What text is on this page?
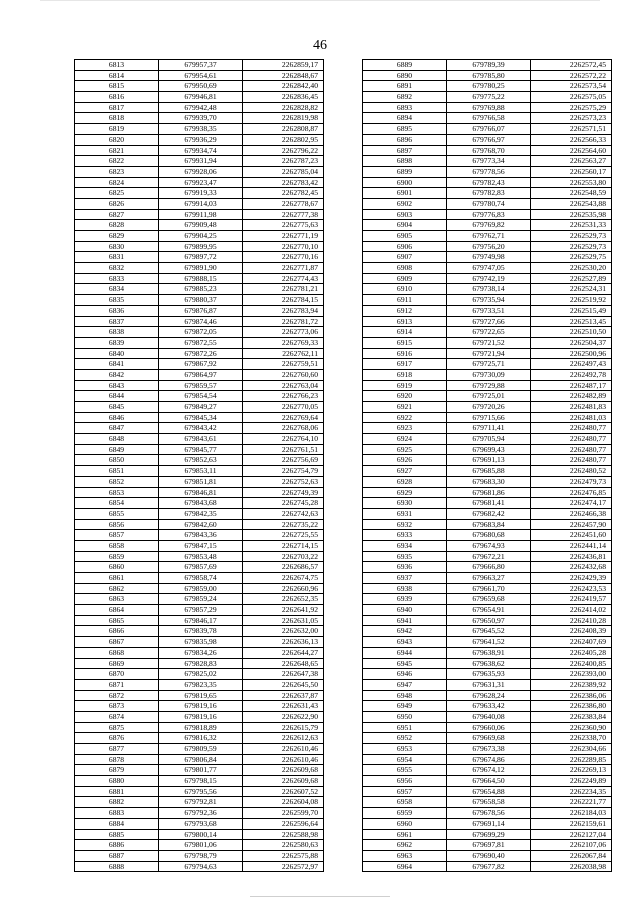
46
6813	679957,37	2262859,17
6814	679954,61	2262848,67
6815	679950,69	2262842,40
6816	679946,81	2262836,45
6817	679942,48	2262828,82
6818	679939,70	2262819,98
6819	679938,35	2262808,87
6820	679936,29	2262802,95
6821	679934,74	2262796,22
6822	679931,94	2262787,23
6823	679928,06	2262785,04
6824	679923,47	2262783,42
6825	679919,33	2262782,45
6826	679914,03	2262778,67
6827	679911,98	2262777,38
6828	679909,48	2262775,63
6829	679904,25	2262771,19
6830	679899,95	2262770,10
6831	679897,72	2262770,16
6832	679891,90	2262771,87
6833	679888,15	2262774,43
6834	679885,23	2262781,21
6835	679880,37	2262784,15
6836	679876,87	2262783,94
6837	679874,46	2262781,72
6838	679872,05	2262773,06
6839	679872,55	2262769,33
6840	679872,26	2262762,11
6841	679867,92	2262759,51
6842	679864,97	2262760,60
6843	679859,57	2262763,04
6844	679854,54	2262766,23
6845	679849,27	2262770,05
6846	679845,34	2262769,64
6847	679843,42	2262768,06
6848	679843,61	2262764,10
6849	679845,77	2262761,51
6850	679852,63	2262756,69
6851	679853,11	2262754,79
6852	679851,81	2262752,63
6853	679846,81	2262749,39
6854	679843,68	2262745,28
6855	679842,35	2262742,63
6856	679842,60	2262735,22
6857	679843,36	2262725,55
6858	679847,15	2262714,15
6859	679853,48	2262703,22
6860	679857,69	2262686,57
6861	679858,74	2262674,75
6862	679859,00	2262660,96
6863	679859,24	2262652,35
6864	679857,29	2262641,92
6865	679846,17	2262631,05
6866	679839,78	2262632,00
6867	679835,98	2262636,13
6868	679834,26	2262644,27
6869	679828,83	2262648,65
6870	679825,02	2262647,38
6871	679823,35	2262645,50
6872	679819,65	2262637,87
6873	679819,16	2262631,43
6874	679819,16	2262622,90
6875	679818,89	2262615,79
6876	679816,32	2262612,63
6877	679809,59	2262610,46
6878	679806,84	2262610,46
6879	679801,77	2262609,68
6880	679798,15	2262609,68
6881	679795,56	2262607,52
6882	679792,81	2262604,08
6883	679792,36	2262599,70
6884	679793,68	2262596,64
6885	679800,14	2262588,98
6886	679801,06	2262580,63
6887	679798,79	2262575,88
6888	679794,63	2262572,97
6889	679789,39	2262572,45
6890	679785,80	2262572,22
6891	679780,25	2262573,54
6892	679775,22	2262575,05
6893	679769,88	2262575,29
6894	679766,58	2262573,23
6895	679766,07	2262571,51
6896	679766,97	2262566,33
6897	679768,70	2262564,60
6898	679773,34	2262563,27
6899	679778,56	2262560,17
6900	679782,43	2262553,80
6901	679782,83	2262548,59
6902	679780,74	2262543,88
6903	679776,83	2262535,98
6904	679769,82	2262531,33
6905	679762,71	2262529,73
6906	679756,20	2262529,73
6907	679749,98	2262529,75
6908	679747,05	2262530,20
6909	679742,19	2262527,89
6910	679738,14	2262524,31
6911	679735,94	2262519,92
6912	679733,51	2262515,49
6913	679727,66	2262513,45
6914	679722,65	2262510,50
6915	679721,52	2262504,37
6916	679721,94	2262500,96
6917	679725,71	2262497,43
6918	679730,09	2262492,78
6919	679729,88	2262487,17
6920	679725,01	2262482,89
6921	679720,26	2262481,83
6922	679715,66	2262481,03
6923	679711,41	2262480,77
6924	679705,94	2262480,77
6925	679699,43	2262480,77
6926	679691,13	2262480,77
6927	679685,88	2262480,52
6928	679683,30	2262479,73
6929	679681,86	2262476,85
6930	679681,41	2262474,17
6931	679682,42	2262466,38
6932	679683,84	2262457,90
6933	679680,68	2262451,60
6934	679674,93	2262441,14
6935	679672,21	2262436,81
6936	679666,80	2262432,68
6937	679663,27	2262429,39
6938	679661,70	2262423,53
6939	679659,68	2262419,57
6940	679654,91	2262414,02
6941	679650,97	2262410,28
6942	679645,52	2262408,39
6943	679641,52	2262407,69
6944	679638,91	2262405,28
6945	679638,62	2262400,85
6946	679635,93	2262393,00
6947	679631,31	2262389,92
6948	679628,24	2262386,06
6949	679633,42	2262386,80
6950	679640,08	2262383,84
6951	679660,06	2262360,90
6952	679669,68	2262338,70
6953	679673,38	2262304,66
6954	679674,86	2262289,85
6955	679674,12	2262269,13
6956	679664,50	2262249,89
6957	679654,88	2262234,35
6958	679658,58	2262221,77
6959	679678,56	2262184,03
6960	679691,14	2262159,61
6961	679699,29	2262127,04
6962	679697,81	2262107,06
6963	679690,40	2262067,84
6964	679677,82	2262038,98
